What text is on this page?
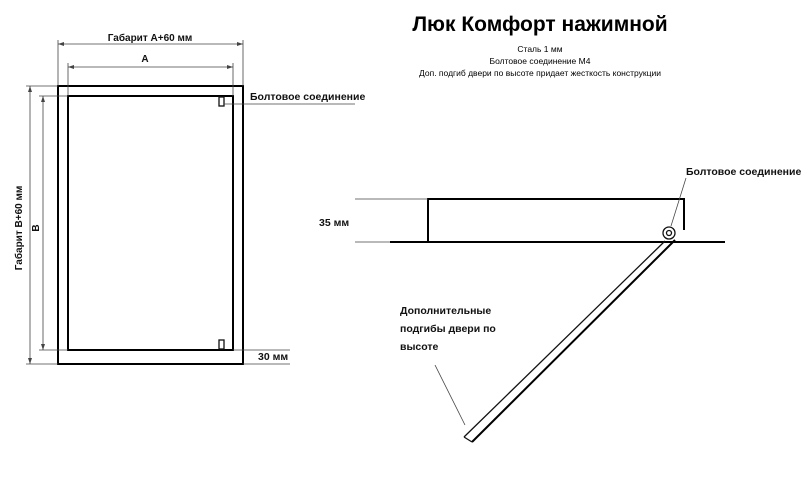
Люк Комфорт нажимной
Сталь 1 мм
Болтовое соединение М4
Доп. подгиб двери по высоте придает жесткость конструкции
Габарит А+60 мм
А
Габарит В+60 мм В
Болтовое соединение
30 мм
35 мм
Болтовое соединение
Дополнительные
подгибы двери по
высоте
